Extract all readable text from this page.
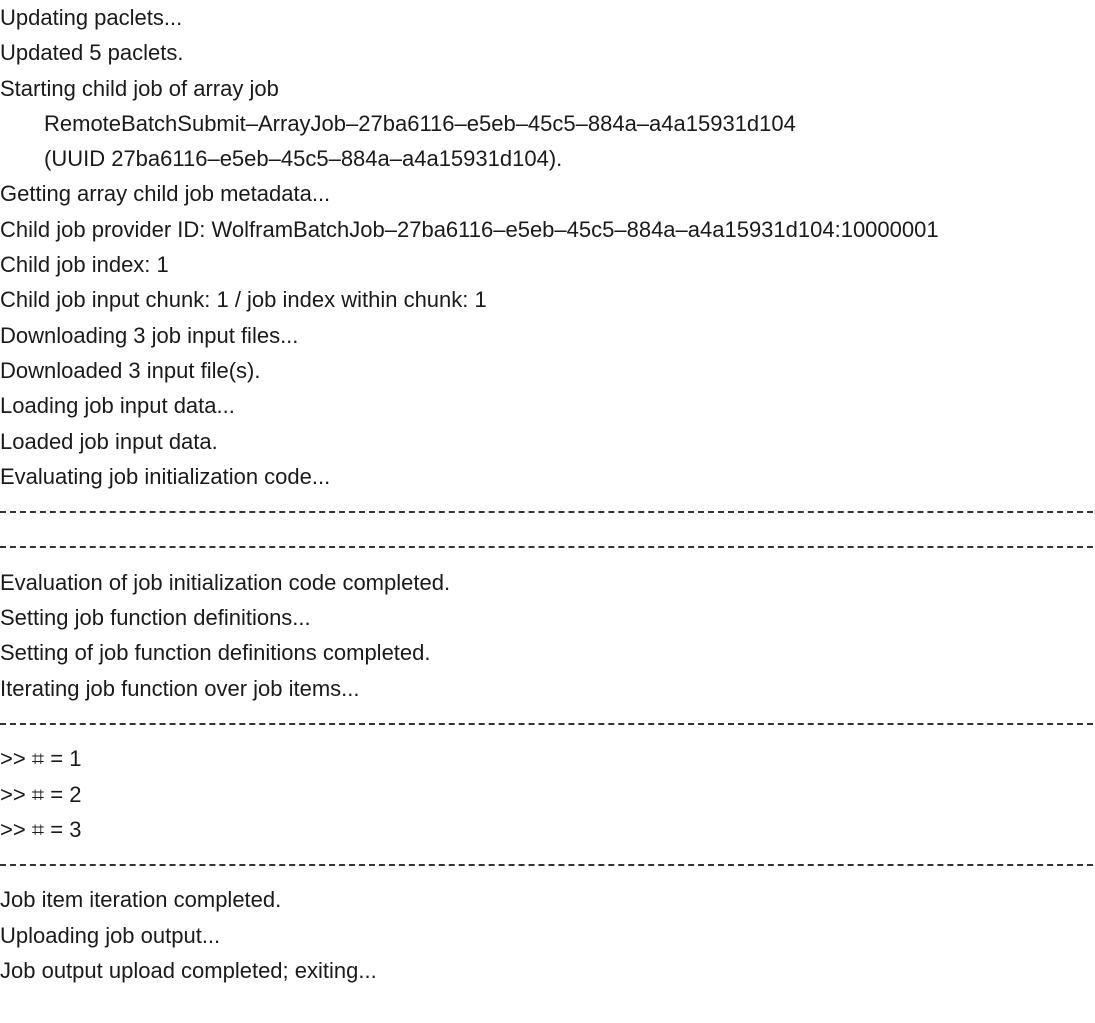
Updating paclets...
Updated 5 paclets.
Starting child job of array job
RemoteBatchSubmit–ArrayJob–27ba6116–e5eb–45c5–884a–a4a15931d104
(UUID 27ba6116–e5eb–45c5–884a–a4a15931d104).
Getting array child job metadata...
Child job provider ID: WolframBatchJob–27ba6116–e5eb–45c5–884a–a4a15931d104:10000001
Child job index: 1
Child job input chunk: 1 / job index within chunk: 1
Downloading 3 job input files...
Downloaded 3 input file(s).
Loading job input data...
Loaded job input data.
Evaluating job initialization code...
Evaluation of job initialization code completed.
Setting job function definitions...
Setting of job function definitions completed.
Iterating job function over job items...
>> ⌗ = 1
>> ⌗ = 2
>> ⌗ = 3
Job item iteration completed.
Uploading job output...
Job output upload completed; exiting...
